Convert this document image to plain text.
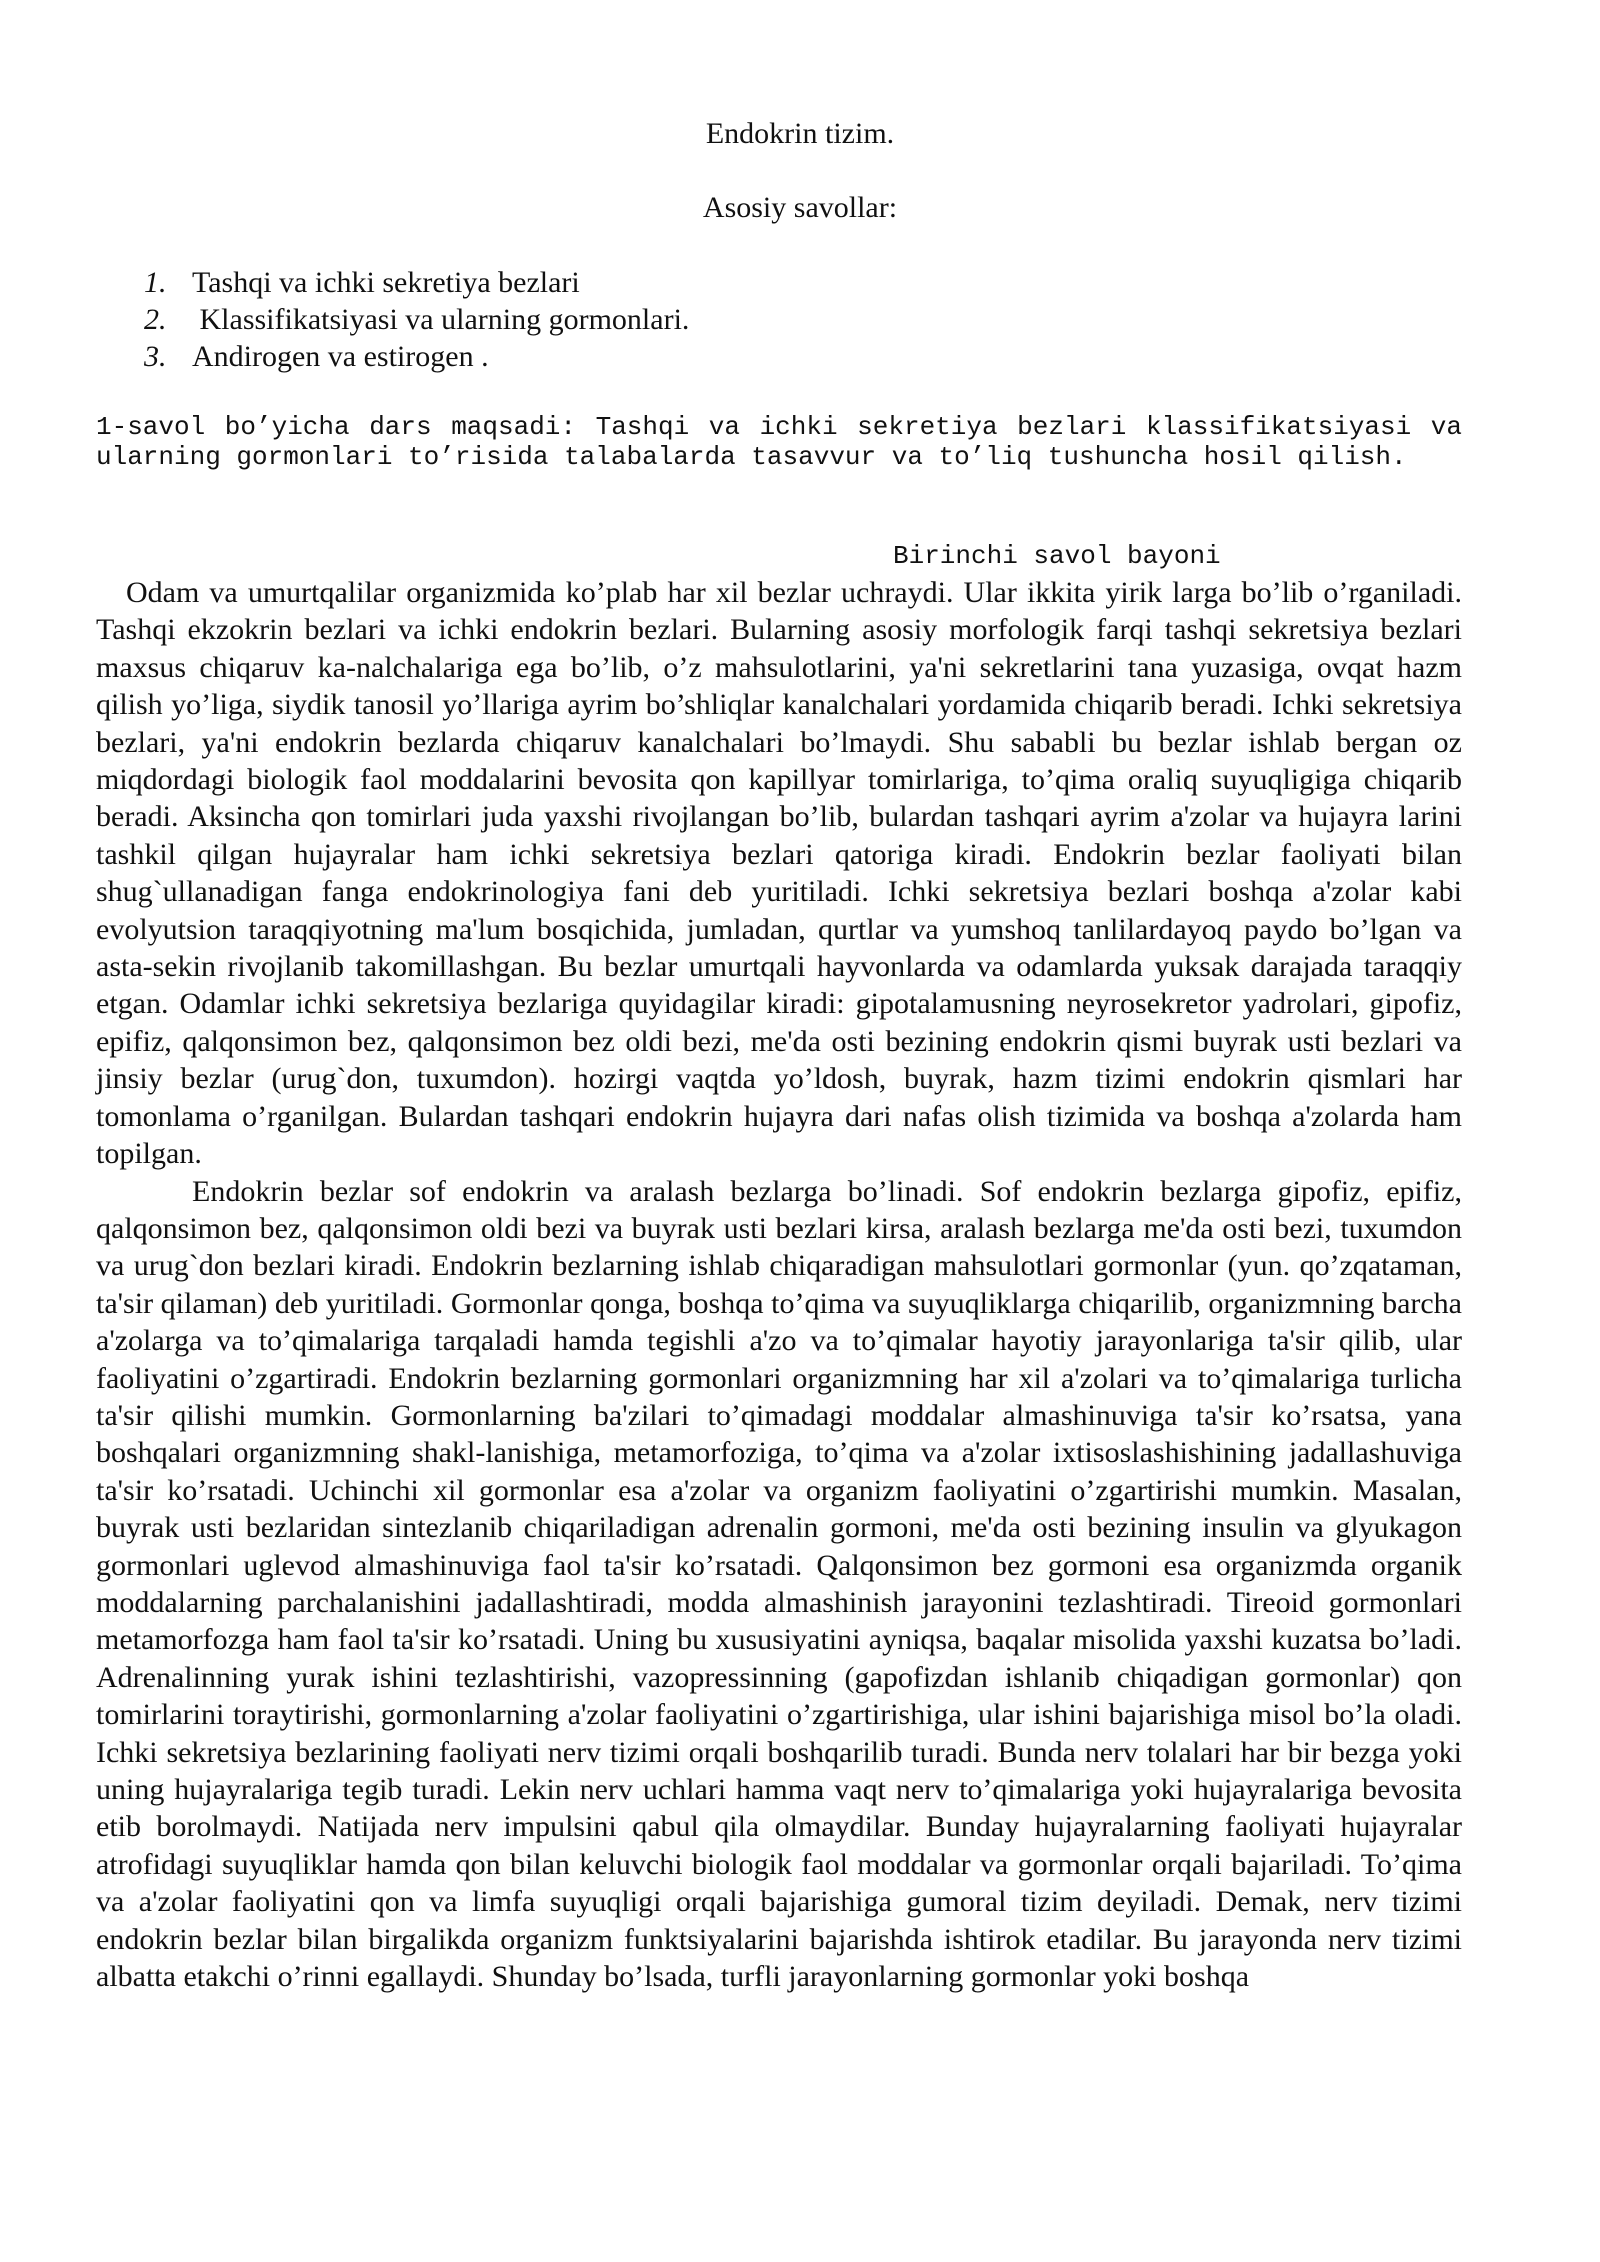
Endokrin tizim.
Asosiy savollar:
1. Tashqi va ichki sekretiya bezlari
2. Klassifikatsiyasi va ularning gormonlari.
3. Andirogen va estirogen .

1-savol bo’yicha dars maqsadi: Tashqi va ichki sekretiya bezlari klassifikatsiyasi va ularning gormonlari to’risida talabalarda tasavvur va to’liq tushuncha hosil qilish.

Birinchi savol bayoni

Odam va umurtqalilar organizmida ko’plab har xil bezlar uchraydi. Ular ikkita yirik larga bo’lib o’rganiladi. Tashqi ekzokrin bezlari va ichki endokrin bezlari. Bularning asosiy morfologik farqi tashqi sekretsiya bezlari maxsus chiqaruv ka-nalchalariga ega bo’lib, o’z mahsulotlarini, ya'ni sekretlarini tana yuzasiga, ovqat hazm qilish yo’liga, siydik tanosil yo’llariga ayrim bo’shliqlar kanalchalari yordamida chiqarib beradi. Ichki sekretsiya bezlari, ya'ni endokrin bezlarda chiqaruv kanalchalari bo’lmaydi. Shu sababli bu bezlar ishlab bergan oz miqdordagi biologik faol moddalarini bevosita qon kapillyar tomirlariga, to’qima oraliq suyuqligiga chiqarib beradi. Aksincha qon tomirlari juda yaxshi rivojlangan bo’lib, bulardan tashqari ayrim a'zolar va hujayra larini tashkil qilgan hujayralar ham ichki sekretsiya bezlari qatoriga kiradi. Endokrin bezlar faoliyati bilan shug`ullanadigan fanga endokrinologiya fani deb yuritiladi. Ichki sekretsiya bezlari boshqa a'zolar kabi evolyutsion taraqqiyotning ma'lum bosqichida, jumladan, qurtlar va yumshoq tanlilardayoq paydo bo’lgan va asta-sekin rivojlanib takomillashgan. Bu bezlar umurtqali hayvonlarda va odamlarda yuksak darajada taraqqiy etgan. Odamlar ichki sekretsiya bezlariga quyidagilar kiradi: gipotalamusning neyrosekretor yadrolari, gipofiz, epifiz, qalqonsimon bez, qalqonsimon bez oldi bezi, me'da osti bezining endokrin qismi buyrak usti bezlari va jinsiy bezlar (urug`don, tuxumdon). hozirgi vaqtda yo’ldosh, buyrak, hazm tizimi endokrin qismlari har tomonlama o’rganilgan. Bulardan tashqari endokrin hujayra dari nafas olish tizimida va boshqa a'zolarda ham topilgan.

Endokrin bezlar sof endokrin va aralash bezlarga bo’linadi. Sof endokrin bezlarga gipofiz, epifiz, qalqonsimon bez, qalqonsimon oldi bezi va buyrak usti bezlari kirsa, aralash bezlarga me'da osti bezi, tuxumdon va urug`don bezlari kiradi. Endokrin bezlarning ishlab chiqaradigan mahsulotlari gormonlar (yun. qo’zqataman, ta'sir qilaman) deb yuritiladi. Gormonlar qonga, boshqa to’qima va suyuqliklarga chiqarilib, organizmning barcha a'zolarga va to’qimalariga tarqaladi hamda tegishli a'zo va to’qimalar hayotiy jarayonlariga ta'sir qilib, ular faoliyatini o’zgartiradi. Endokrin bezlarning gormonlari organizmning har xil a'zolari va to’qimalariga turlicha ta'sir qilishi mumkin. Gormonlarning ba'zilari to’qimadagi moddalar almashinuviga ta'sir ko’rsatsa, yana boshqalari organizmning shakl-lanishiga, metamorfoziga, to’qima va a'zolar ixtisoslashishining jadallashuviga ta'sir ko’rsatadi. Uchinchi xil gormonlar esa a'zolar va organizm faoliyatini o’zgartirishi mumkin. Masalan, buyrak usti bezlaridan sintezlanib chiqariladigan adrenalin gormoni, me'da osti bezining insulin va glyukagon gormonlari uglevod almashinuviga faol ta'sir ko’rsatadi. Qalqonsimon bez gormoni esa organizmda organik moddalarning parchalanishini jadallashtiradi, modda almashinish jarayonini tezlashtiradi. Tireoid gormonlari metamorfozga ham faol ta'sir ko’rsatadi. Uning bu xususiyatini ayniqsa, baqalar misolida yaxshi kuzatsa bo’ladi. Adrenalinning yurak ishini tezlashtirishi, vazopressinning (gapofizdan ishlanib chiqadigan gormonlar) qon tomirlarini toraytirishi, gormonlarning a'zolar faoliyatini o’zgartirishiga, ular ishini bajarishiga misol bo’la oladi. Ichki sekretsiya bezlarining faoliyati nerv tizimi orqali boshqarilib turadi. Bunda nerv tolalari har bir bezga yoki uning hujayralariga tegib turadi. Lekin nerv uchlari hamma vaqt nerv to’qimalariga yoki hujayralariga bevosita etib borolmaydi. Natijada nerv impulsini qabul qila olmaydilar. Bunday hujayralarning faoliyati hujayralar atrofidagi suyuqliklar hamda qon bilan keluvchi biologik faol moddalar va gormonlar orqali bajariladi. To’qima va a'zolar faoliyatini qon va limfa suyuqligi orqali bajarishiga gumoral tizim deyiladi. Demak, nerv tizimi endokrin bezlar bilan birgalikda organizm funktsiyalarini bajarishda ishtirok etadilar. Bu jarayonda nerv tizimi albatta etakchi o’rinni egallaydi. Shunday bo’lsada, turfli jarayonlarning gormonlar yoki boshqa
